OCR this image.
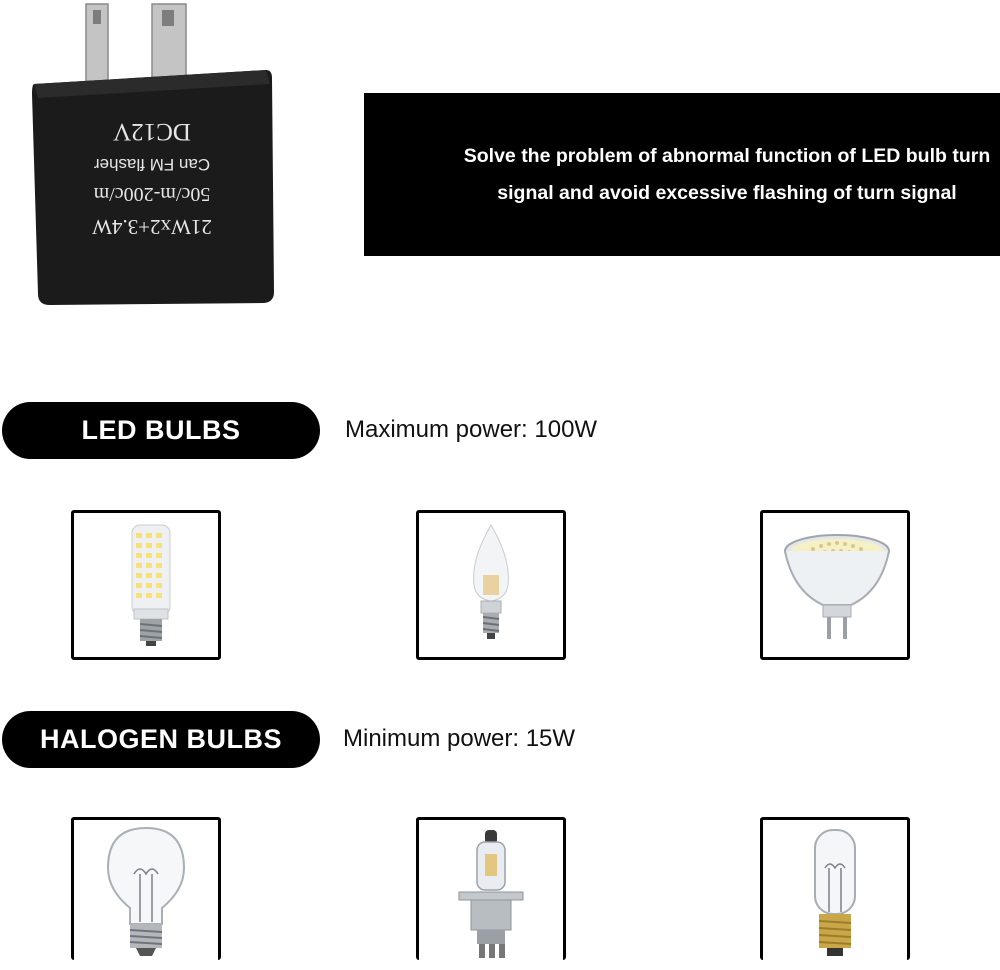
21Wx2+3.4W
50c/m-200c/m
Can FM flasher
DC12V
Solve the problem of abnormal function of LED bulb turn
signal and avoid excessive flashing of turn signal
LED BULBS	Maximum power: 100W
HALOGEN BULBS	Minimum power: 15W
